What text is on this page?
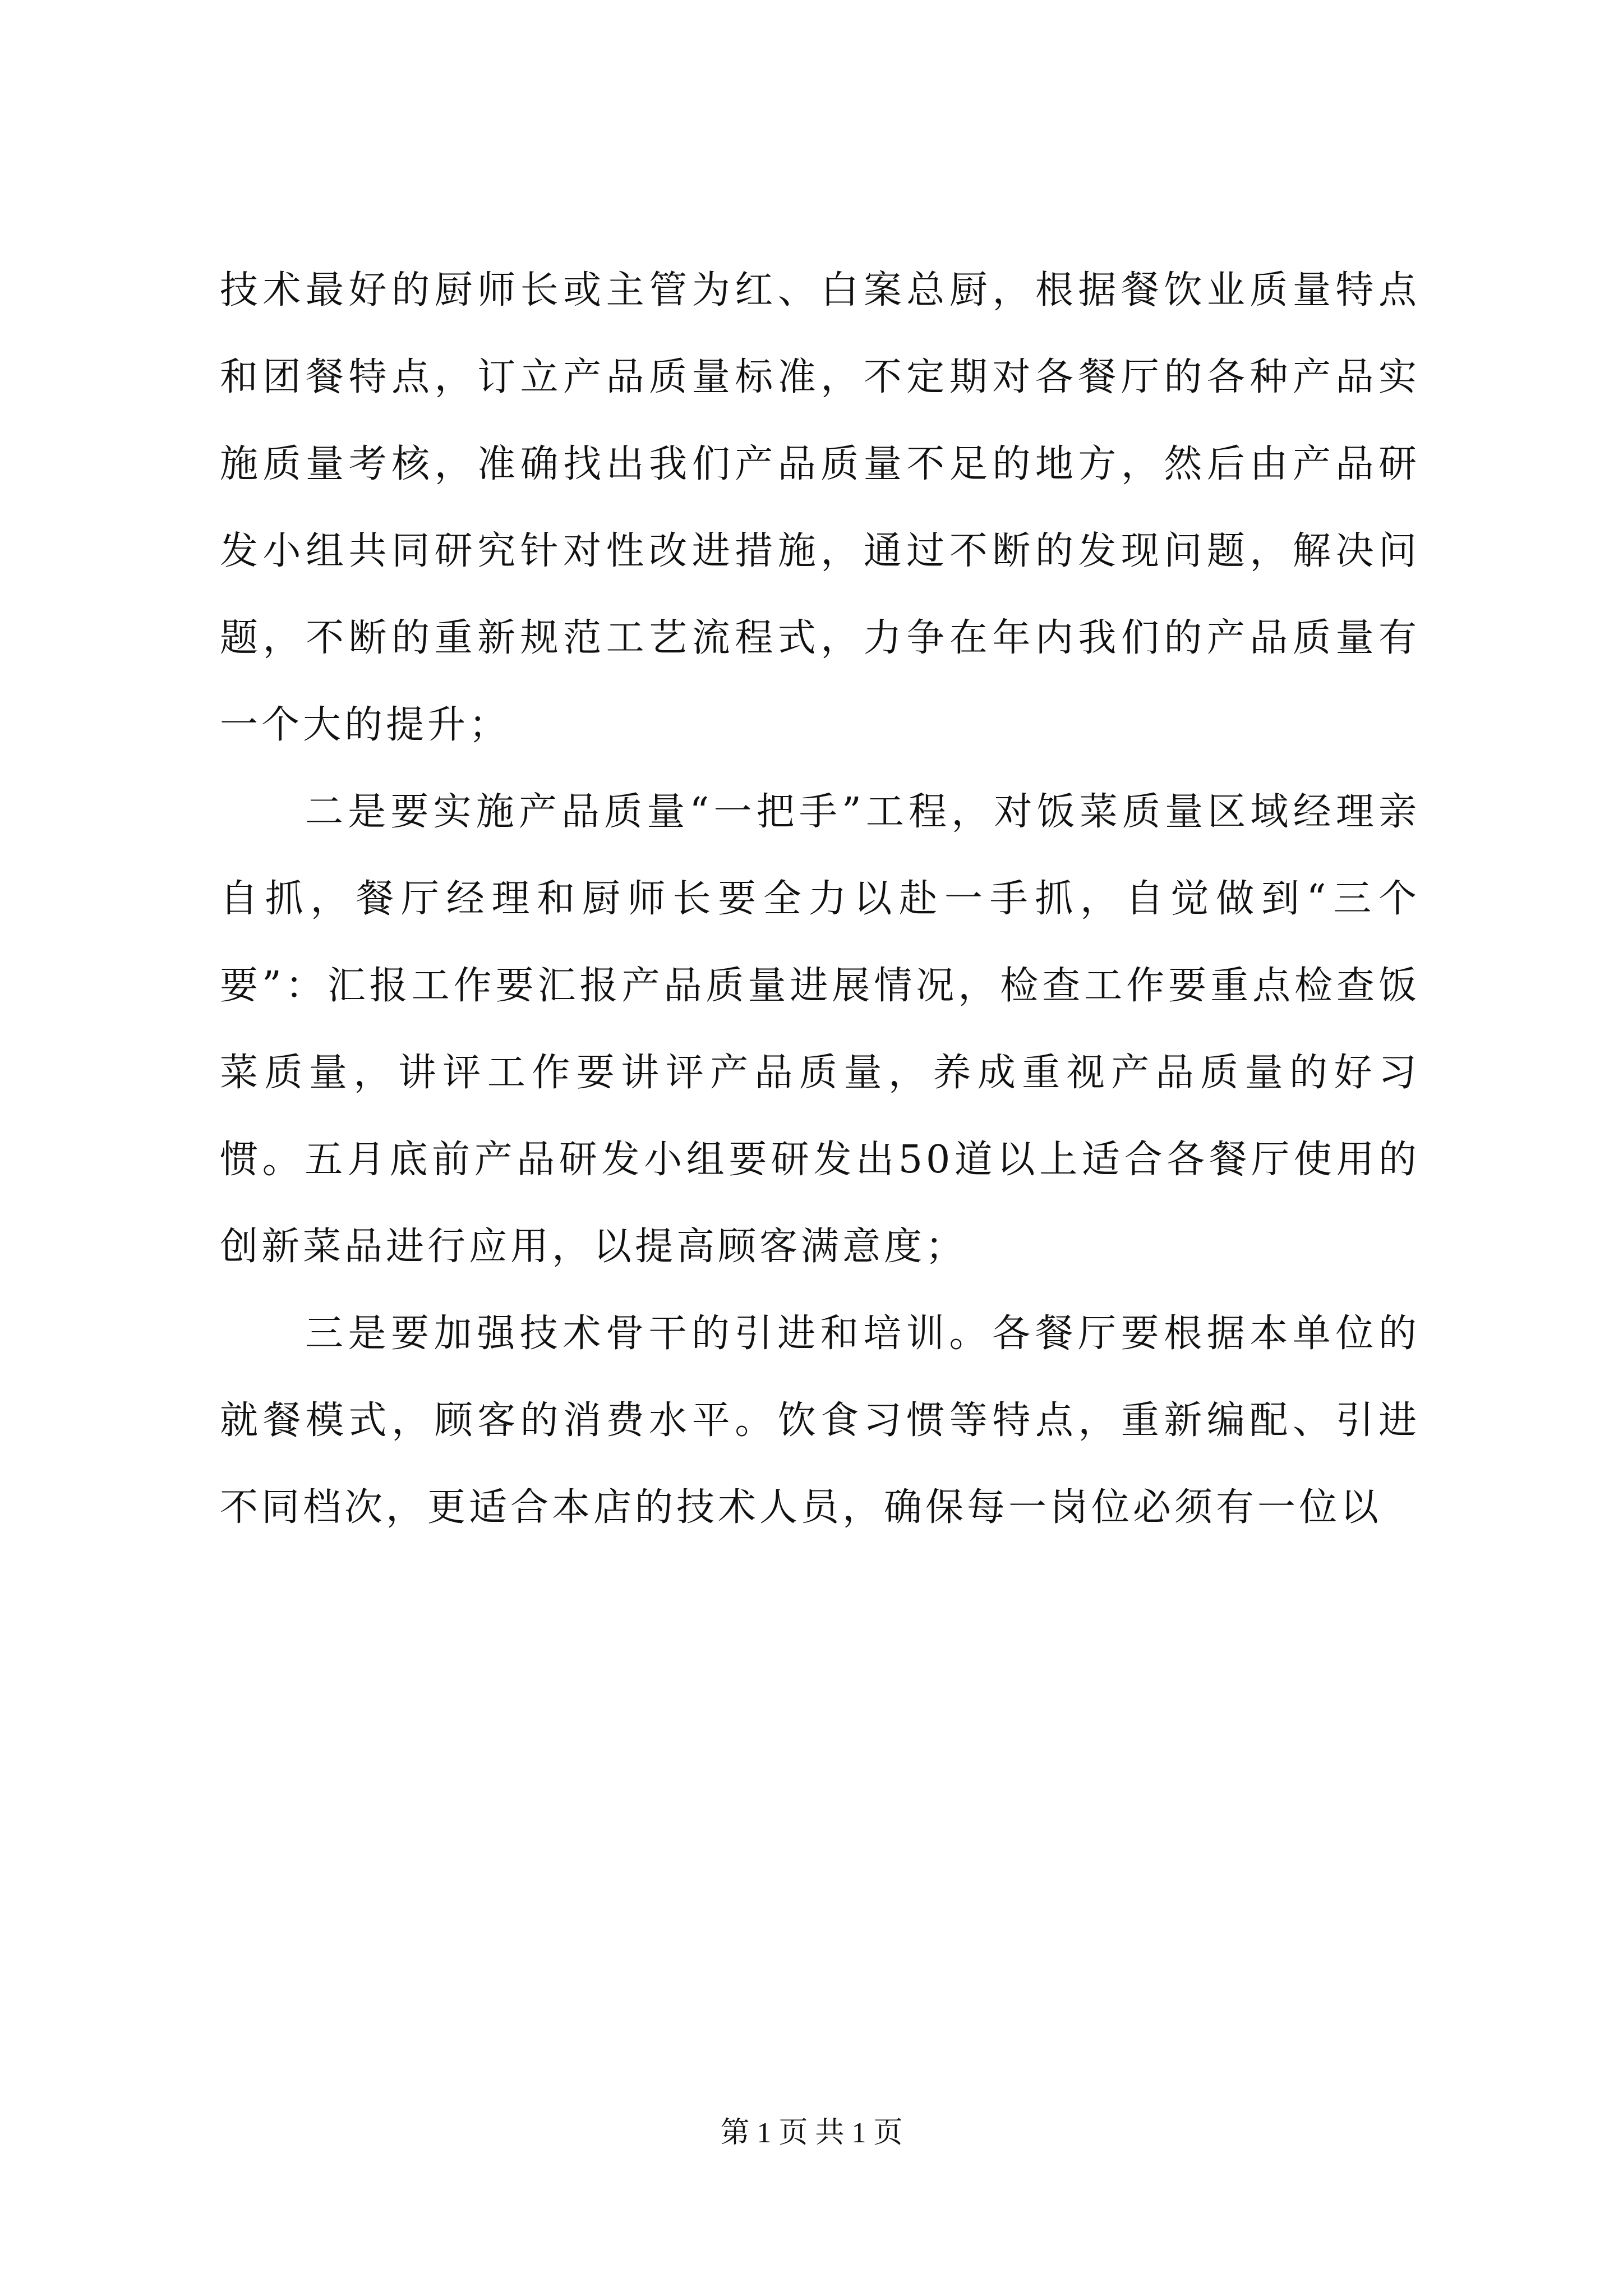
技术最好的厨师长或主管为红、白案总厨，根据餐饮业质量特点和团餐特点，订立产品质量标准，不定期对各餐厅的各种产品实施质量考核，准确找出我们产品质量不足的地方，然后由产品研发小组共同研究针对性改进措施，通过不断的发现问题，解决问题，不断的重新规范工艺流程式，力争在年内我们的产品质量有一个大的提升；

二是要实施产品质量“一把手”工程，对饭菜质量区域经理亲自抓，餐厅经理和厨师长要全力以赴一手抓，自觉做到“三个要”：汇报工作要汇报产品质量进展情况，检查工作要重点检查饭菜质量，讲评工作要讲评产品质量，养成重视产品质量的好习惯。五月底前产品研发小组要研发出50道以上适合各餐厅使用的创新菜品进行应用，以提高顾客满意度；

三是要加强技术骨干的引进和培训。各餐厅要根据本单位的就餐模式，顾客的消费水平。饮食习惯等特点，重新编配、引进不同档次，更适合本店的技术人员，确保每一岗位必须有一位以

第 1 页 共 1 页
